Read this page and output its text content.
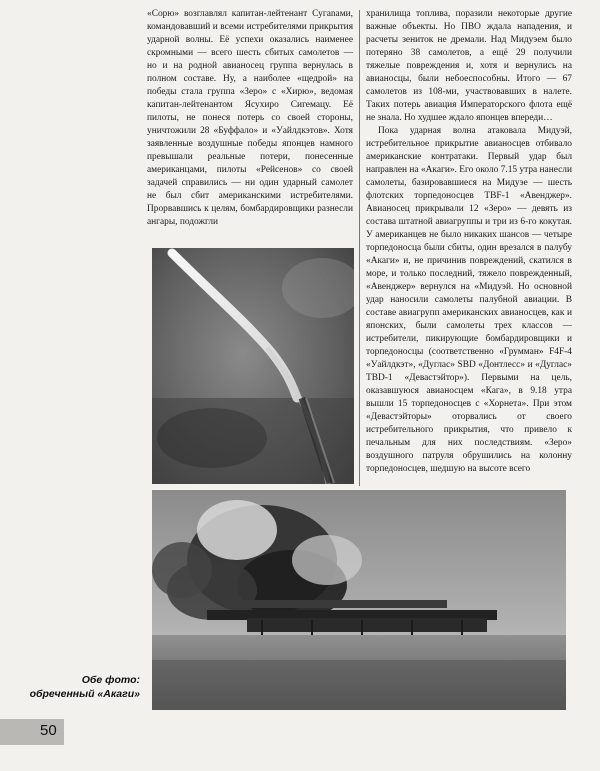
«Сорю» возглавлял капитан-лейтенант Сугаnами, командовавший и всеми истребителями прикрытия ударной волны. Её успехи оказались наименее скромными — всего шесть сбитых самолетов — но и на родной авианосец группа вернулась в полном составе. Ну, а наиболее «щедрой» на победы стала группа «Зеро» с «Хирю», ведомая капитан-лейтенантом Ясухиро Сигемацу. Её пилоты, не понеся потерь со своей стороны, уничтожили 28 «Буффало» и «Уайлдкэтов». Хотя заявленные воздушные победы японцев намного превышали реальные потери, понесенные американцами, пилоты «Рейсенов» со своей задачей справились — ни один ударный самолет не был сбит американскими истребителями. Прорвавшись к целям, бомбардировщики разнесли ангары, подожгли

хранилища топлива, поразили некоторые другие важные объекты. Но ПВО ждала нападения, и расчеты зениток не дремали. Над Мидуэем было потеряно 38 самолетов, а ещё 29 получили тяжелые повреждения и, хотя и вернулись на авианосцы, были небоеспособны. Итого — 67 самолетов из 108-ми, участвовавших в налете. Таких потерь авиация Императорского флота ещё не знала. Но худшее ждало японцев впереди…

Пока ударная волна атаковала Мидуэй, истребительное прикрытие авианосцев отбивало американские контратаки. Первый удар был направлен на «Акаги». Его около 7.15 утра нанесли самолеты, базировавшиеся на Мидуэе — шесть флотских торпедоносцев TBF-1 «Авенджер». Авианосец прикрывали 12 «Зеро» — девять из состава штатной авиагруппы и три из 6-го кокутая. У американцев не было никаких шансов — четыре торпедоносца были сбиты, один врезался в палубу «Акаги» и, не причинив повреждений, скатился в море, и только последний, тяжело поврежденный, «Авенджер» вернулся на «Мидуэй. Но основной удар наносили самолеты палубной авиации. В составе авиагрупп американских авианосцев, как и японских, были самолеты трех классов — истребители, пикирующие бомбардировщики и торпедоносцы (соответственно «Грумман» F4F-4 «Уайлдкэт», «Дуглас» SBD «Донтлесс» и «Дуглас» TBD-1 «Девастэйтор»). Первыми на цель, оказавшуюся авианосцем «Кага», в 9.18 утра вышли 15 торпедоносцев с «Хорнета». При этом «Девастэйторы» оторвались от своего истребительного прикрытия, что привело к печальным для них последствиям. «Зеро» воздушного патруля обрушились на колонну торпедоносцев, шедшую на высоте всего

Обе фото:
обреченный «Акаги»
50
